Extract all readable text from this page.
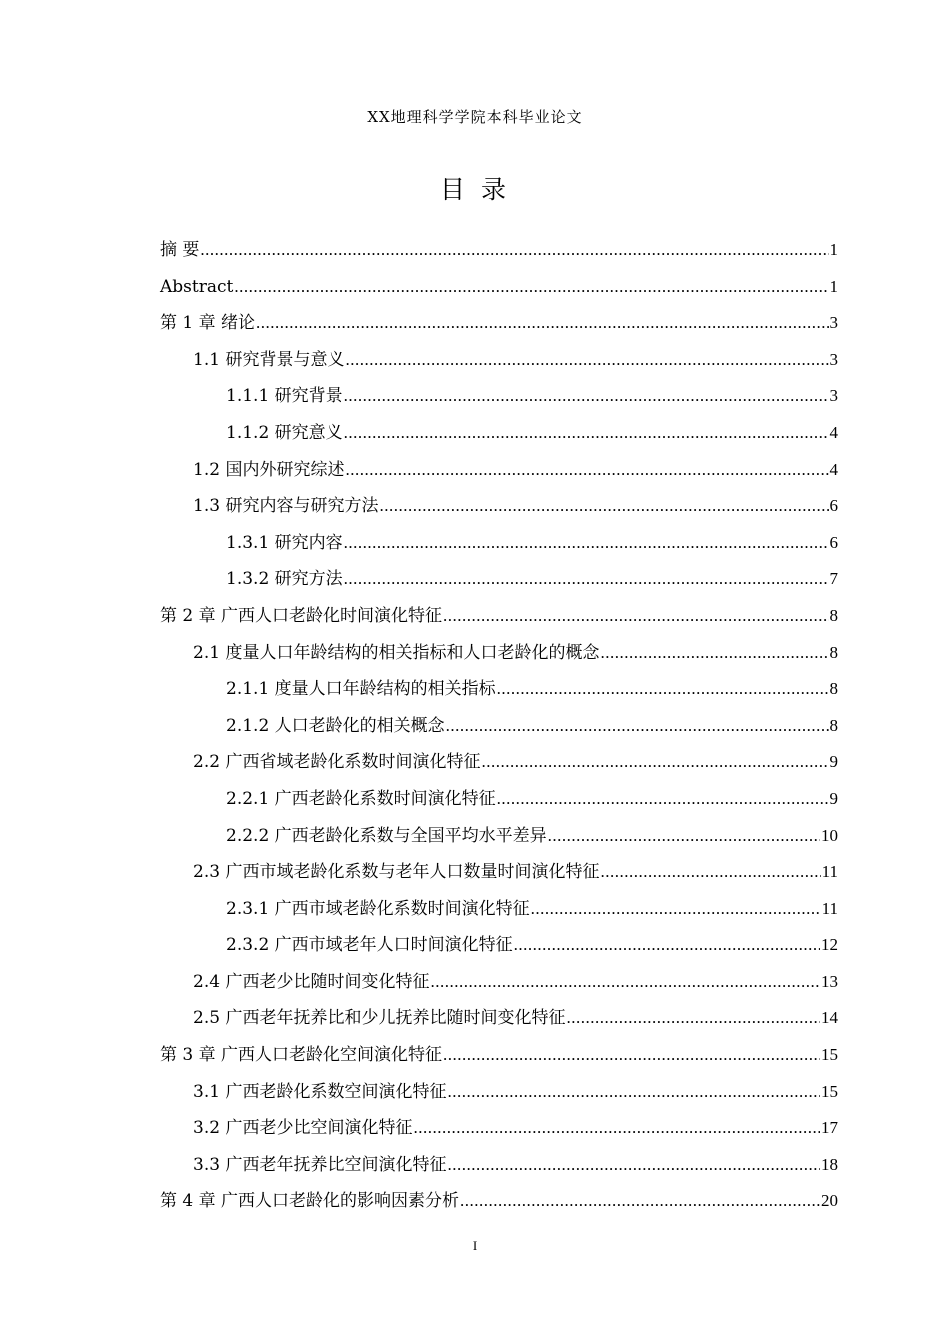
XX地理科学学院本科毕业论文
目 录
摘 要 .....	1
Abstract .....	1
第 1 章 绪论 .....	3
1.1 研究背景与意义 .....	3
1.1.1 研究背景 .....	3
1.1.2 研究意义 .....	4
1.2 国内外研究综述 .....	4
1.3 研究内容与研究方法 .....	6
1.3.1 研究内容 .....	6
1.3.2 研究方法 .....	7
第 2 章 广西人口老龄化时间演化特征 .....	8
2.1 度量人口年龄结构的相关指标和人口老龄化的概念 .....	8
2.1.1 度量人口年龄结构的相关指标 .....	8
2.1.2 人口老龄化的相关概念 .....	8
2.2 广西省域老龄化系数时间演化特征 .....	9
2.2.1 广西老龄化系数时间演化特征 .....	9
2.2.2 广西老龄化系数与全国平均水平差异 .....	10
2.3 广西市域老龄化系数与老年人口数量时间演化特征 .....	11
2.3.1 广西市域老龄化系数时间演化特征 .....	11
2.3.2 广西市域老年人口时间演化特征 .....	12
2.4 广西老少比随时间变化特征 .....	13
2.5 广西老年抚养比和少儿抚养比随时间变化特征 .....	14
第 3 章 广西人口老龄化空间演化特征 .....	15
3.1 广西老龄化系数空间演化特征 .....	15
3.2 广西老少比空间演化特征 .....	17
3.3 广西老年抚养比空间演化特征 .....	18
第 4 章 广西人口老龄化的影响因素分析 .....	20
I
